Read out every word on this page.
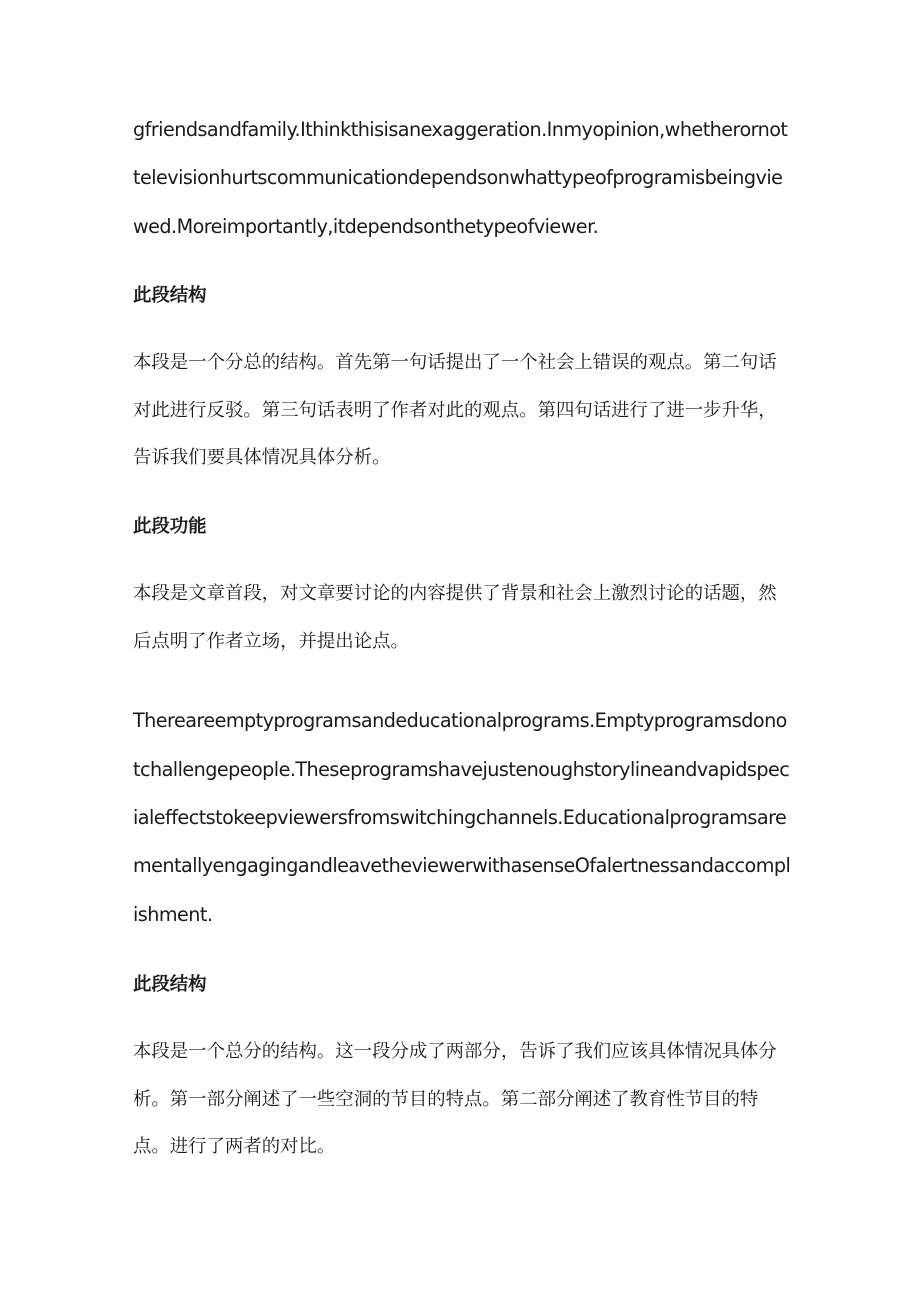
gfriendsandfamily.Ithinkthisisanexaggeration.Inmyopinion,whetherornottelevisionhurtscommunicationdependsonwhattypeofprogramisbeingviewed.Moreimportantly,itdependsonthetypeofviewer.

此段结构

本段是一个分总的结构。首先第一句话提出了一个社会上错误的观点。第二句话对此进行反驳。第三句话表明了作者对此的观点。第四句话进行了进一步升华，告诉我们要具体情况具体分析。

此段功能

本段是文章首段，对文章要讨论的内容提供了背景和社会上激烈讨论的话题，然后点明了作者立场，并提出论点。

Thereareemptyprogramsandeducationalprograms.Emptyprogramsdonotchallengepeople.Theseprogramshavejustenoughstorylineandvapidspecialeffectstokeepviewersfromswitchingchannels.EducationalprogramsarementallyengagingandleavetheviewerwithasenseOfalertnessandaccomplishment.

此段结构

本段是一个总分的结构。这一段分成了两部分，告诉了我们应该具体情况具体分析。第一部分阐述了一些空洞的节目的特点。第二部分阐述了教育性节目的特点。进行了两者的对比。
